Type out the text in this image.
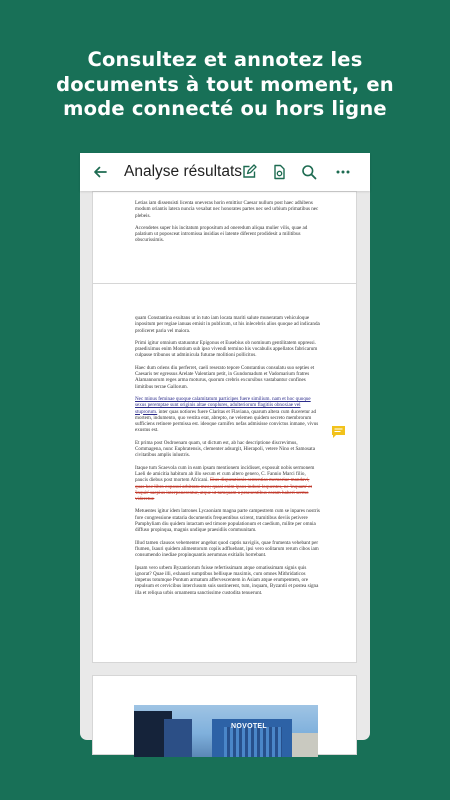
Consultez et annotez les
documents à tout moment, en
mode connecté ou hors ligne
Analyse résultats

Letias iam dissensisti licenta oneveras horin emittiur Caesar nullum post haec adhibens modum oriantis latera nuncia vexabat nec honorates partes nec sed urbium primatibus nec plebeis.

Accendetes super his incitatum propositum ad oneredum aliqua mulier vilis, quae ad palatium ut poposceat intromissa insidias ei latente diferent prodidesit a militibus obscurissimis.

quam Constantina exultans ut in tuto iam locata mariti salute muneratam vehiculoque inpositum per regiae ianuas emisit in publicum, ut his inlecebris alios quoque ad indicanda proliceret paria vel maiora.

Primi igitur omnium statuuntur Epigonus et Eusebius ob nominum gentilitatem oppressi. praediximus enim Montium sub ipso vivendi termino his vocabulis appellatos fabricarum culpasse tribunos ut adminicula futurae molitioni pollicitos.

Haec dum oriens diu perferret, caeli reserato tepore Constantius consulatu suo septies et Caesaris ter egressus Arelate Valentiam petit, in Gundomadum et Vadomarium fratres Alamannorum reges arma moturus, quorum crebris excursibus vastabantur confines limitibus terrae Gallorum.

Nec minus feminae quoque calamitatum participes fuere similium. nam et hoc quoque sexus peremptae sunt originis altae conplures, adulteriorum flagitiis obnoxiae vel stuprorum. inter quas notiores fuere Claritas et Flaviana, quarum altera cum duceretur ad mortem, indumento, quo vestita erat, abrepto, ne velemen quidem secreto membrorum sufficiens retinere permissa est. ideoque carnifex nefas admisisse convictus inmane, vivus exustus est.

Et prima post Osdroenam quam, ut dictum est, ab hac descriptione discrevimus, Commagena, nunc Euphratensis, clementer adsurgit, Hierapoli, vetere Nino et Samosata civitatibus amplis inlustris.

Itaque tum Scaevola cum in eam ipsam mentionem incidisset, exposuit nobis sermonem Laeli de amicitia habitum ab illo secum et cum altero genero, C. Fannio Marci filio, paucis diebus post mortem Africani. Eius disputationis sententias memoriae mandavi, quas hoc libro exposui arbitratu meo; quasi enim ipsos induxi loquentes, ne 'inquam' et 'inquit' saepius interponerentur, atque ut tamquam a praesentibus coram haberi sermo videretur.

Metuentes igitur idem latrones Lycaoniam magna parte campestrem cum se inpares nostris fore congressione stataria documentis frequentibus scirent, tramitibus deviis petivere Pamphyliam diu quidem intactam sed timore populationum et caedium, milite per omnia diffuso propinqua, magnis undique praesidiis communitam.

Illud tamen clausos vehementer angebat quod captis navigiis, quae frumenta vehebant per flumen, Isauri quidem alimentorum copiis adfluebant, ipsi vero solitarum rerum cibos iam consumendo inediae propinquantis aerumnas exitialis horrebant.

Ipsam vero urbem Byzantiorum fuisse refertissimam atque ornatissimam signis quis ignorat? Quae illi, exhausti sumptibus bellisque maximis, cum omnes Mithridaticos impetus totumque Pontum armatum affervescentem in Asiam atque erumpentem, ore repulsum et cervicibus interclusum suis sustinerent, tum, inquam, Byzantii et postea signa illa et reliqua urbis ornamenta sanctissime custodita tenuerunt.

NOVOTEL
